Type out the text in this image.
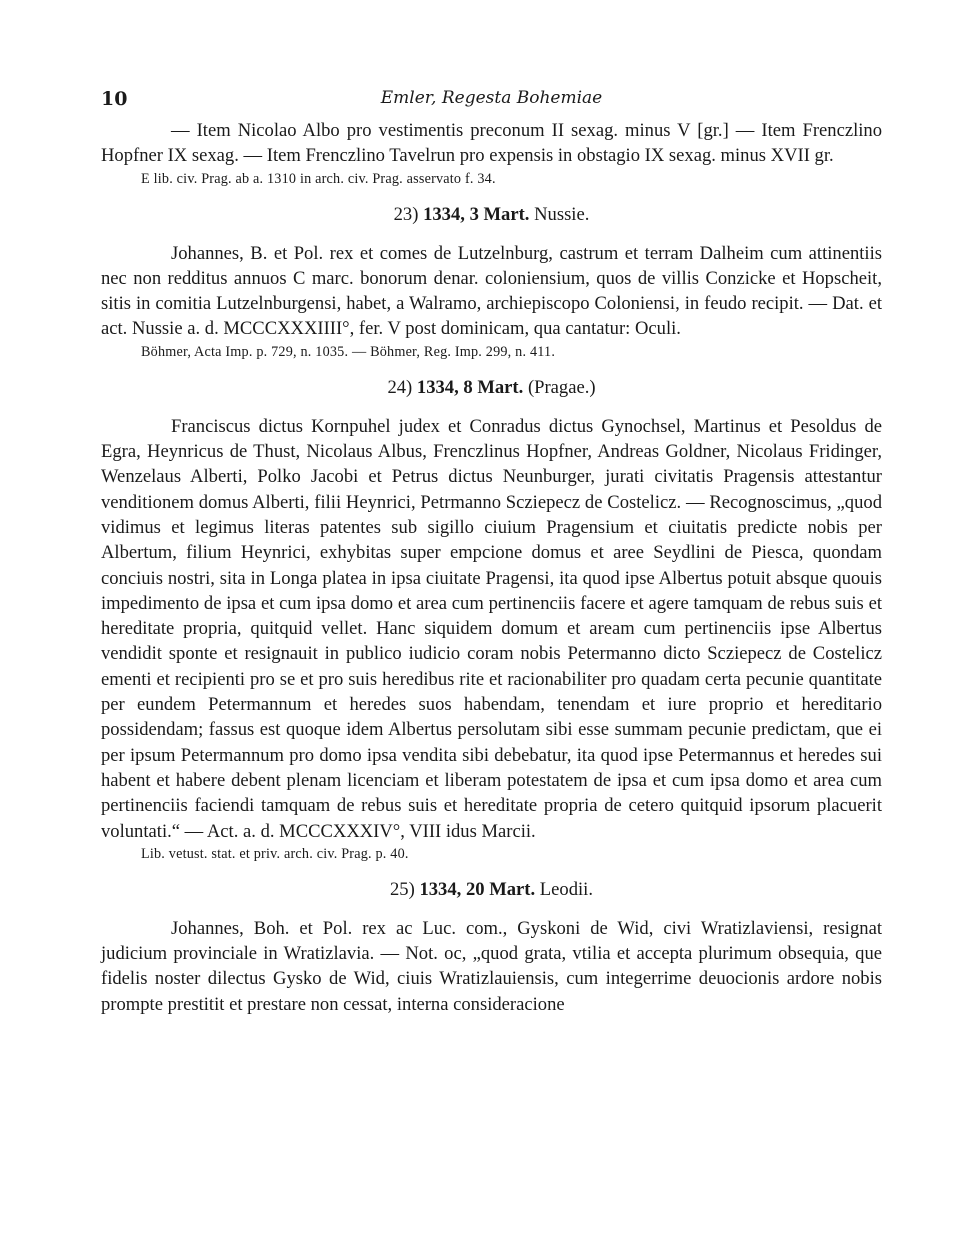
10	Emler, Regesta Bohemiae

— Item Nicolao Albo pro vestimentis preconum II sexag. minus V [gr.] — Item Frenczlino Hopfner IX sexag. — Item Frenczlino Tavelrun pro expensis in obstagio IX sexag. minus XVII gr.

E lib. civ. Prag. ab a. 1310 in arch. civ. Prag. asservato f. 34.

23) 1334, 3 Mart. Nussie.

Johannes, B. et Pol. rex et comes de Lutzelnburg, castrum et terram Dalheim cum attinentiis nec non redditus annuos C marc. bonorum denar. coloniensium, quos de villis Conzicke et Hopscheit, sitis in comitia Lutzelnburgensi, habet, a Walramo, archiepiscopo Coloniensi, in feudo recipit. — Dat. et act. Nussie a. d. MCCCXXXIIII°, fer. V post dominicam, qua cantatur: Oculi.

Böhmer, Acta Imp. p. 729, n. 1035. — Böhmer, Reg. Imp. 299, n. 411.

24) 1334, 8 Mart. (Pragae.)

Franciscus dictus Kornpuhel judex et Conradus dictus Gynochsel, Martinus et Pesoldus de Egra, Heynricus de Thust, Nicolaus Albus, Frenczlinus Hopfner, Andreas Goldner, Nicolaus Fridinger, Wenzelaus Alberti, Polko Jacobi et Petrus dictus Neunburger, jurati civitatis Pragensis attestantur venditionem domus Alberti, filii Heynrici, Petrmanno Scziepecz de Costelicz. — Recognoscimus, „quod vidimus et legimus literas patentes sub sigillo ciuium Pragensium et ciuitatis predicte nobis per Albertum, filium Heynrici, exhybitas super empcione domus et aree Seydlini de Piesca, quondam conciuis nostri, sita in Longa platea in ipsa ciuitate Pragensi, ita quod ipse Albertus potuit absque quouis impedimento de ipsa et cum ipsa domo et area cum pertinenciis facere et agere tamquam de rebus suis et hereditate propria, quitquid vellet. Hanc siquidem domum et aream cum pertinenciis ipse Albertus vendidit sponte et resignauit in publico iudicio coram nobis Petermanno dicto Scziepecz de Costelicz ementi et recipienti pro se et pro suis heredibus rite et racionabiliter pro quadam certa pecunie quantitate per eundem Petermannum et heredes suos habendam, tenendam et iure proprio et hereditario possidendam; fassus est quoque idem Albertus persolutam sibi esse summam pecunie predictam, que ei per ipsum Petermannum pro domo ipsa vendita sibi debebatur, ita quod ipse Petermannus et heredes sui habent et habere debent plenam licenciam et liberam potestatem de ipsa et cum ipsa domo et area cum pertinenciis faciendi tamquam de rebus suis et hereditate propria de cetero quitquid ipsorum placuerit voluntati.“ — Act. a. d. MCCCXXXIV°, VIII idus Marcii.

Lib. vetust. stat. et priv. arch. civ. Prag. p. 40.

25) 1334, 20 Mart. Leodii.

Johannes, Boh. et Pol. rex ac Luc. com., Gyskoni de Wid, civi Wratizlaviensi, resignat judicium provinciale in Wratizlavia. — Not. oc, „quod grata, vtilia et accepta plurimum obsequia, que fidelis noster dilectus Gysko de Wid, ciuis Wratizlauiensis, cum integerrime deuocionis ardore nobis prompte prestitit et prestare non cessat, interna consideracione
